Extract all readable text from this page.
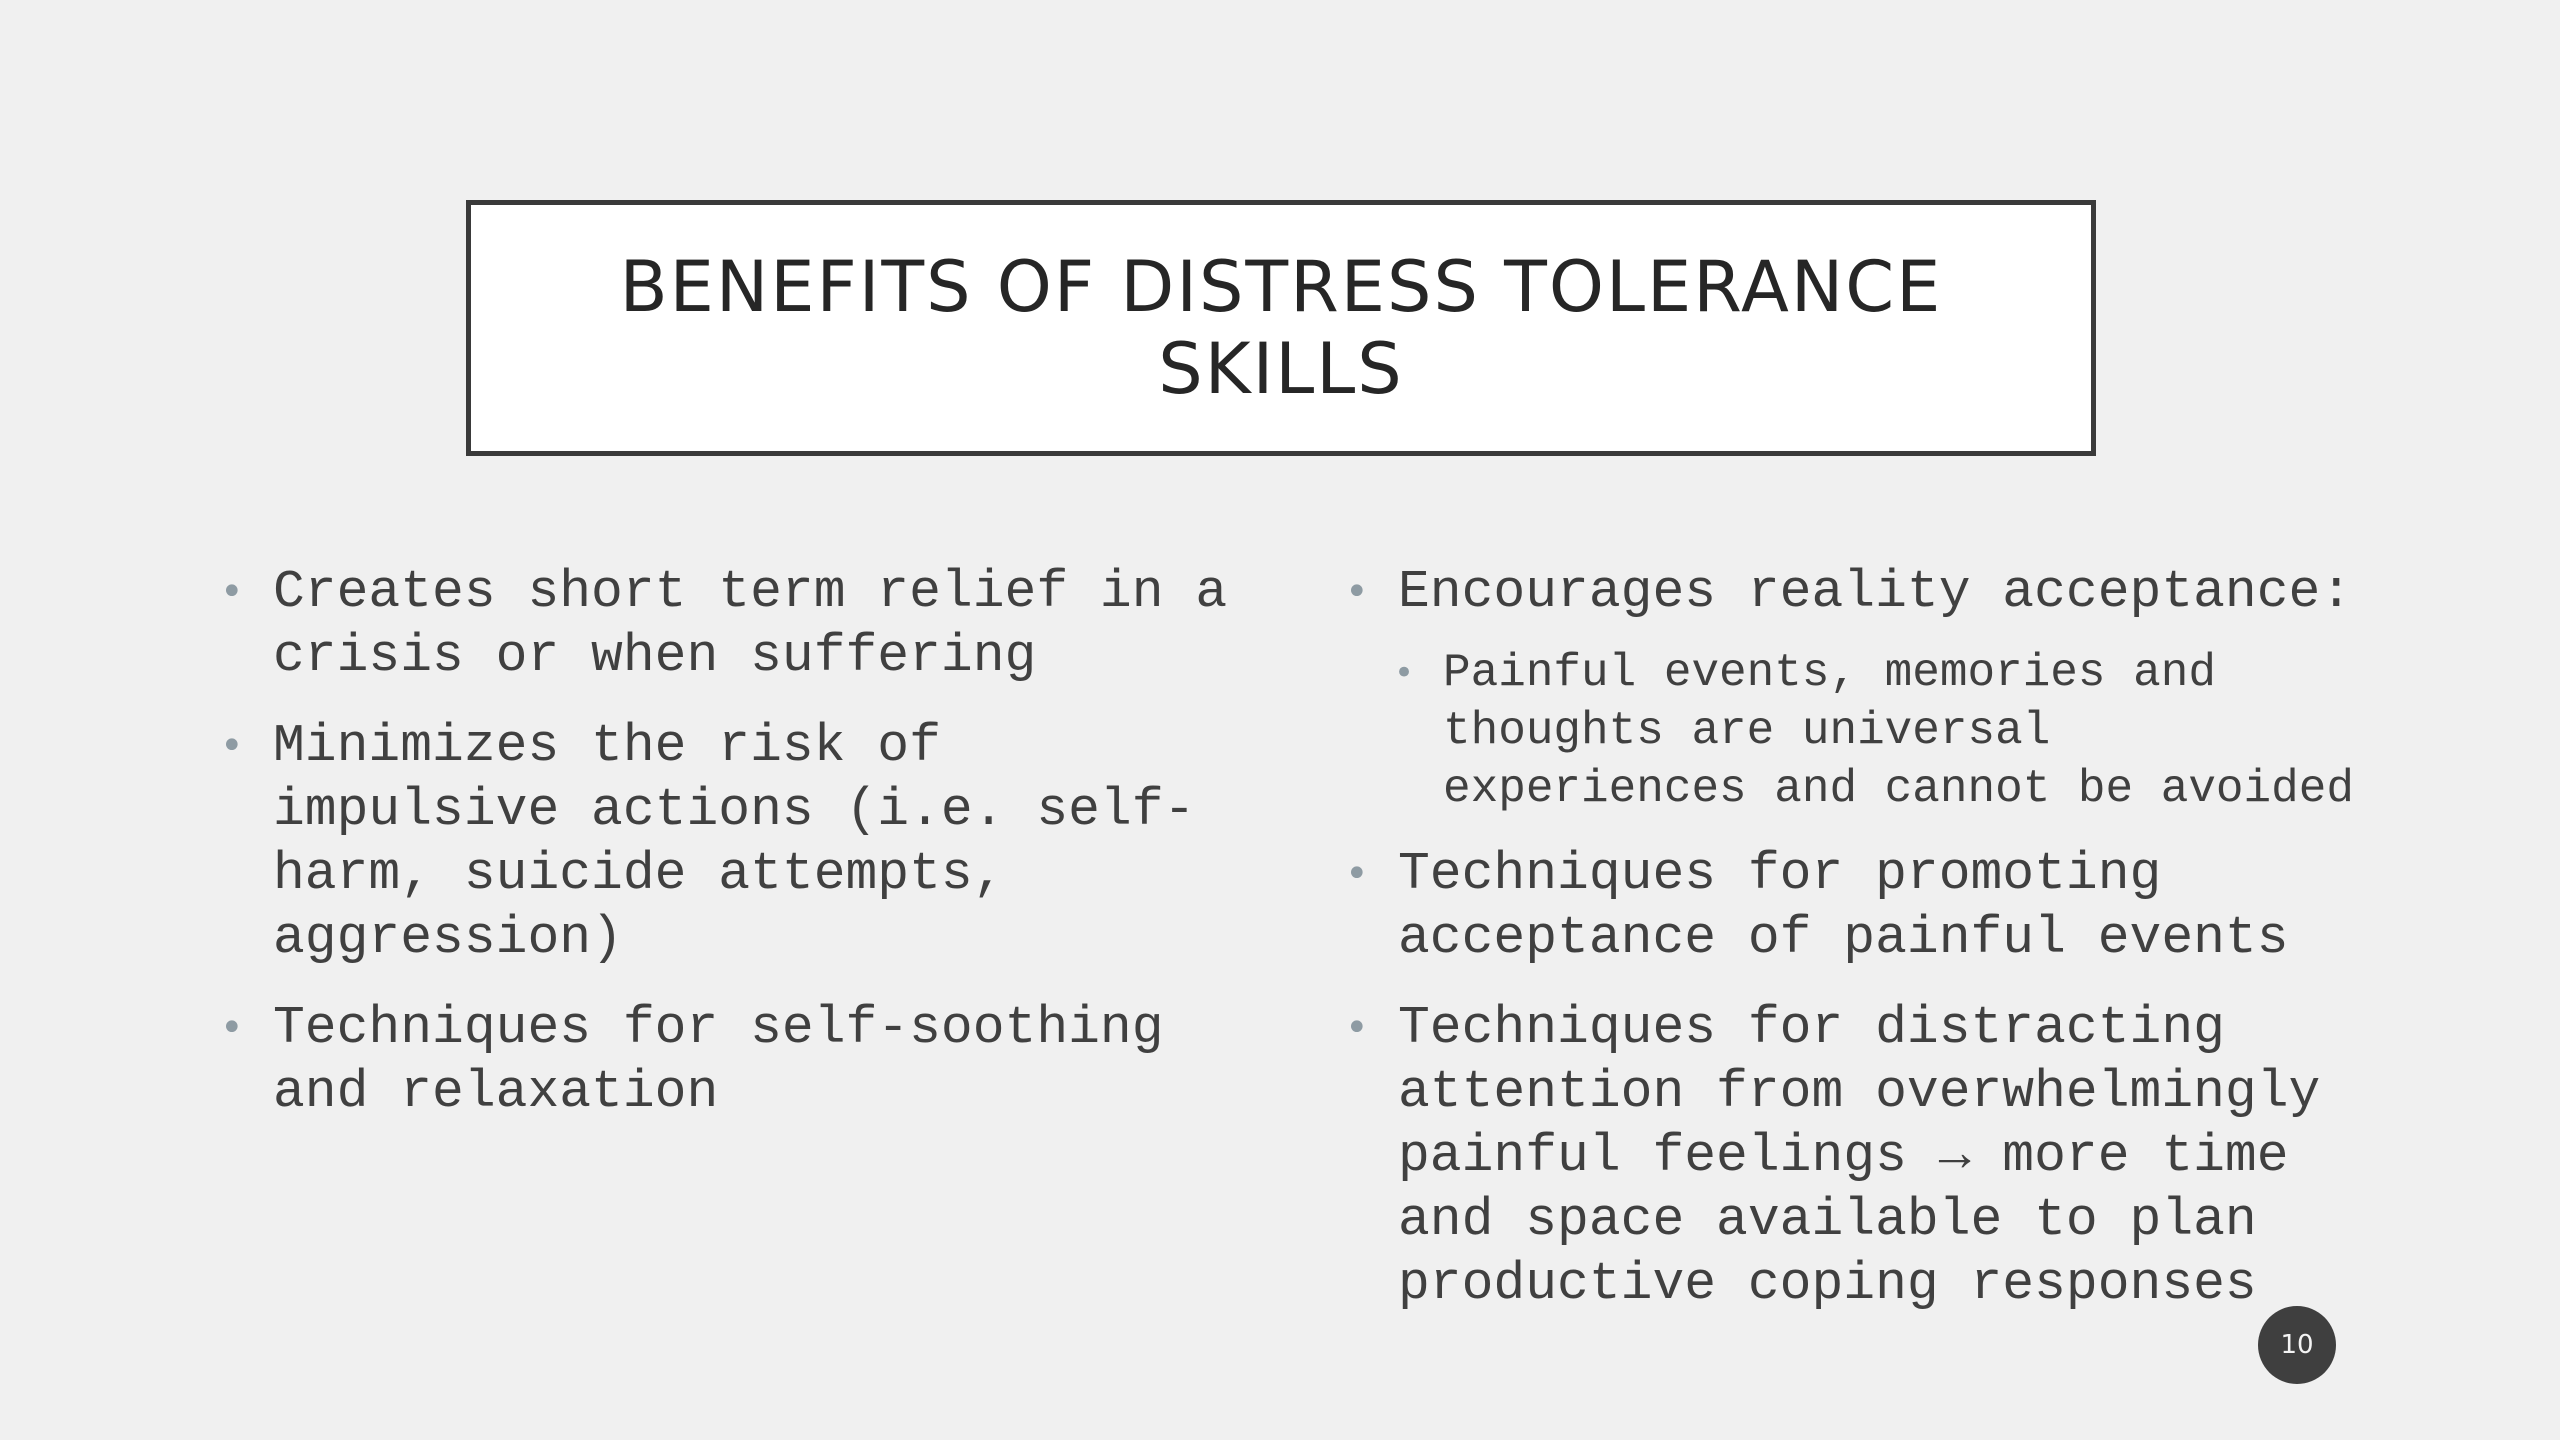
BENEFITS OF DISTRESS TOLERANCE SKILLS
• Creates short term relief in a crisis or when suffering
• Minimizes the risk of impulsive actions (i.e. self-harm, suicide attempts, aggression)
• Techniques for self-soothing and relaxation
• Encourages reality acceptance:
• Painful events, memories and thoughts are universal experiences and cannot be avoided
• Techniques for promoting acceptance of painful events
• Techniques for distracting attention from overwhelmingly painful feelings → more time and space available to plan productive coping responses
10
